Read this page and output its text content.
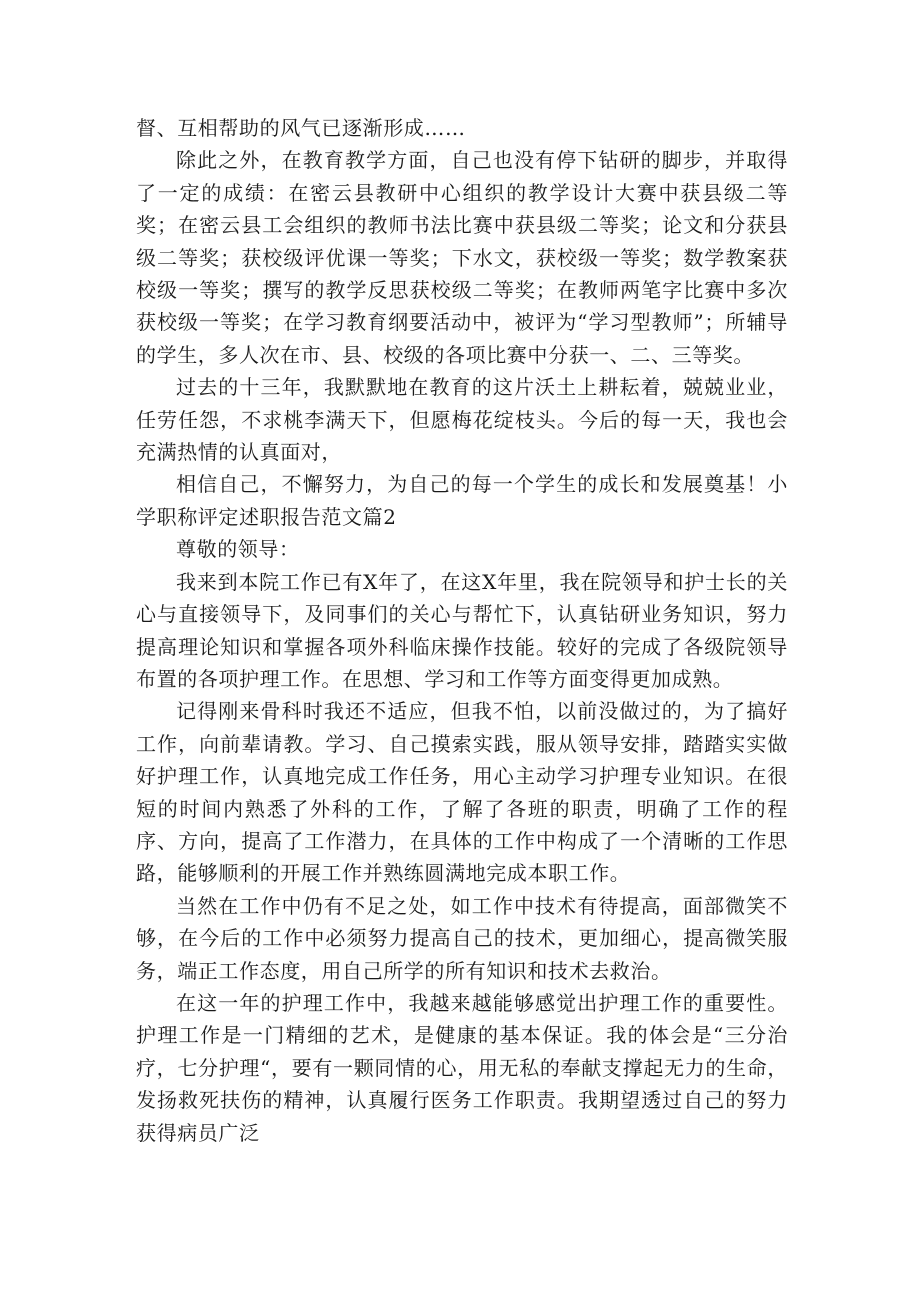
督、互相帮助的风气已逐渐形成……

除此之外，在教育教学方面，自己也没有停下钻研的脚步，并取得了一定的成绩：在密云县教研中心组织的教学设计大赛中获县级二等奖；在密云县工会组织的教师书法比赛中获县级二等奖；论文和分获县级二等奖；获校级评优课一等奖；下水文，获校级一等奖；数学教案获校级一等奖；撰写的教学反思获校级二等奖；在教师两笔字比赛中多次获校级一等奖；在学习教育纲要活动中，被评为“学习型教师”；所辅导的学生，多人次在市、县、校级的各项比赛中分获一、二、三等奖。

过去的十三年，我默默地在教育的这片沃土上耕耘着，兢兢业业，任劳任怨，不求桃李满天下，但愿梅花绽枝头。今后的每一天，我也会充满热情的认真面对，

相信自己，不懈努力，为自己的每一个学生的成长和发展奠基！小学职称评定述职报告范文篇2

尊敬的领导：

我来到本院工作已有X年了，在这X年里，我在院领导和护士长的关心与直接领导下，及同事们的关心与帮忙下，认真钻研业务知识，努力提高理论知识和掌握各项外科临床操作技能。较好的完成了各级院领导布置的各项护理工作。在思想、学习和工作等方面变得更加成熟。

记得刚来骨科时我还不适应，但我不怕，以前没做过的，为了搞好工作，向前辈请教。学习、自己摸索实践，服从领导安排，踏踏实实做好护理工作，认真地完成工作任务，用心主动学习护理专业知识。在很短的时间内熟悉了外科的工作，了解了各班的职责，明确了工作的程序、方向，提高了工作潜力，在具体的工作中构成了一个清晰的工作思路，能够顺利的开展工作并熟练圆满地完成本职工作。

当然在工作中仍有不足之处，如工作中技术有待提高，面部微笑不够，在今后的工作中必须努力提高自己的技术，更加细心，提高微笑服务，端正工作态度，用自己所学的所有知识和技术去救治。

在这一年的护理工作中，我越来越能够感觉出护理工作的重要性。护理工作是一门精细的艺术，是健康的基本保证。我的体会是“三分治疗，七分护理“，要有一颗同情的心，用无私的奉献支撑起无力的生命，发扬救死扶伤的精神，认真履行医务工作职责。我期望透过自己的努力获得病员广泛
